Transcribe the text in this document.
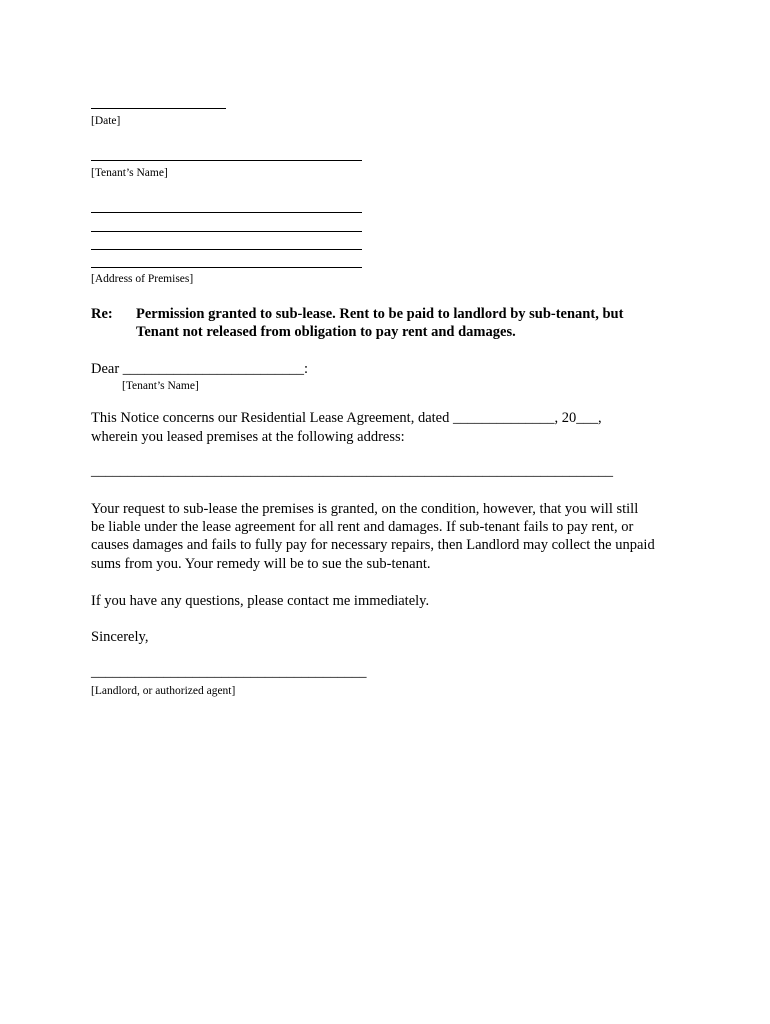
[Date]
[Tenant’s Name]
[Address of Premises]
Re: Permission granted to sub-lease. Rent to be paid to landlord by sub-tenant, but
Tenant not released from obligation to pay rent and damages.
Dear _________________________:
[Tenant’s Name]
This Notice concerns our Residential Lease Agreement, dated ______________, 20___,
wherein you leased premises at the following address:
________________________________________________________________________
Your request to sub-lease the premises is granted, on the condition, however, that you will still
be liable under the lease agreement for all rent and damages. If sub-tenant fails to pay rent, or
causes damages and fails to fully pay for necessary repairs, then Landlord may collect the unpaid
sums from you. Your remedy will be to sue the sub-tenant.
If you have any questions, please contact me immediately.
Sincerely,
______________________________________
[Landlord, or authorized agent]
